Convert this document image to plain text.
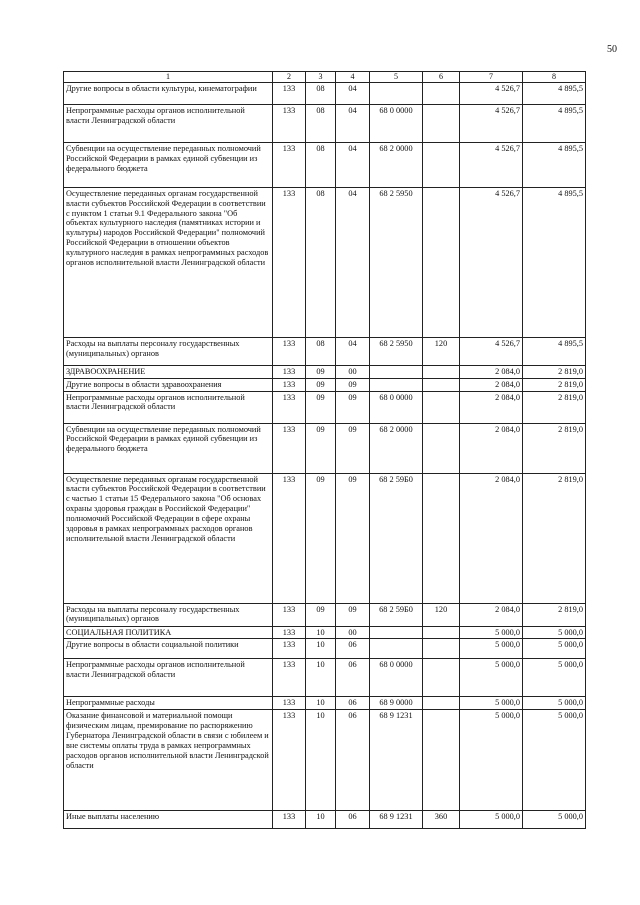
50
1	2	3	4	5	6	7	8
Другие вопросы в области культуры, кинематографии	133	08	04			4 526,7	4 895,5
Непрограммные расходы органов исполнительной власти Ленинградской области	133	08	04	68 0 0000		4 526,7	4 895,5
Субвенции на осуществление переданных полномочий Российской Федерации в рамках единой субвенции из федерального бюджета	133	08	04	68 2 0000		4 526,7	4 895,5
Осуществление переданных органам государственной власти субъектов Российской Федерации в соответствии с пунктом 1 статьи 9.1 Федерального закона "Об объектах культурного наследия (памятниках истории и культуры) народов Российской Федерации" полномочий Российской Федерации в отношении объектов культурного наследия в рамках непрограммных расходов органов исполнительной власти Ленинградской области	133	08	04	68 2 5950		4 526,7	4 895,5
Расходы на выплаты персоналу государственных (муниципальных) органов	133	08	04	68 2 5950	120	4 526,7	4 895,5
ЗДРАВООХРАНЕНИЕ	133	09	00			2 084,0	2 819,0
Другие вопросы в области здравоохранения	133	09	09			2 084,0	2 819,0
Непрограммные расходы органов исполнительной власти Ленинградской области	133	09	09	68 0 0000		2 084,0	2 819,0
Субвенции на осуществление переданных полномочий Российской Федерации в рамках единой субвенции из федерального бюджета	133	09	09	68 2 0000		2 084,0	2 819,0
Осуществление переданных органам государственной власти субъектов Российской Федерации в соответствии с частью 1 статьи 15 Федерального закона "Об основах охраны здоровья граждан в Российской Федерации" полномочий Российской Федерации в сфере охраны здоровья в рамках непрограммных расходов органов исполнительной власти Ленинградской области	133	09	09	68 2 59Б0		2 084,0	2 819,0
Расходы на выплаты персоналу государственных (муниципальных) органов	133	09	09	68 2 59Б0	120	2 084,0	2 819,0
СОЦИАЛЬНАЯ ПОЛИТИКА	133	10	00			5 000,0	5 000,0
Другие вопросы в области социальной политики	133	10	06			5 000,0	5 000,0
Непрограммные расходы органов исполнительной власти Ленинградской области	133	10	06	68 0 0000		5 000,0	5 000,0
Непрограммные расходы	133	10	06	68 9 0000		5 000,0	5 000,0
Оказание финансовой и материальной помощи физическим лицам, премирование по распоряжению Губернатора Ленинградской области в связи с юбилеем и вне системы оплаты труда в рамках непрограммных расходов органов исполнительной власти Ленинградской области	133	10	06	68 9 1231		5 000,0	5 000,0
Иные выплаты населению	133	10	06	68 9 1231	360	5 000,0	5 000,0
